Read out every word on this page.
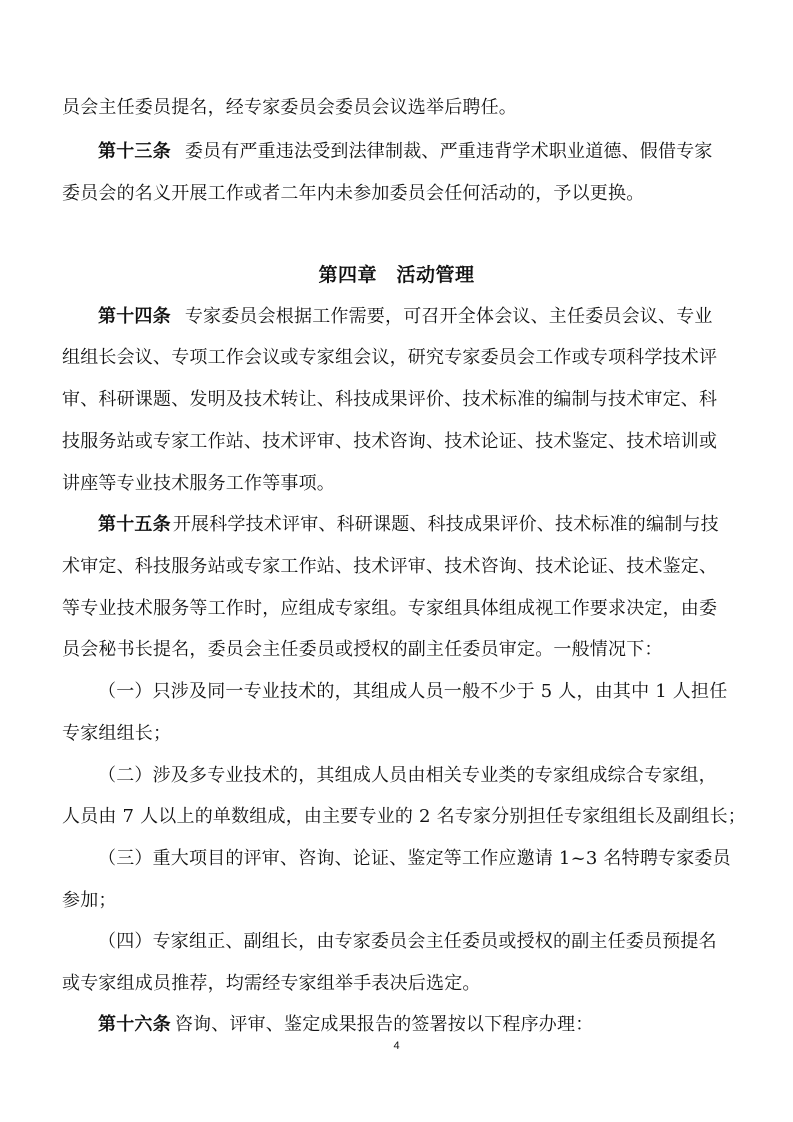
员会主任委员提名，经专家委员会委员会议选举后聘任。
第十三条 委员有严重违法受到法律制裁、严重违背学术职业道德、假借专家
委员会的名义开展工作或者二年内未参加委员会任何活动的，予以更换。
第四章　活动管理
第十四条 专家委员会根据工作需要，可召开全体会议、主任委员会议、专业
组组长会议、专项工作会议或专家组会议，研究专家委员会工作或专项科学技术评
审、科研课题、发明及技术转让、科技成果评价、技术标准的编制与技术审定、科
技服务站或专家工作站、技术评审、技术咨询、技术论证、技术鉴定、技术培训或
讲座等专业技术服务工作等事项。
第十五条 开展科学技术评审、科研课题、科技成果评价、技术标准的编制与技
术审定、科技服务站或专家工作站、技术评审、技术咨询、技术论证、技术鉴定、
等专业技术服务等工作时，应组成专家组。专家组具体组成视工作要求决定，由委
员会秘书长提名，委员会主任委员或授权的副主任委员审定。一般情况下：
（一）只涉及同一专业技术的，其组成人员一般不少于 5 人，由其中 1 人担任
专家组组长；
（二）涉及多专业技术的，其组成人员由相关专业类的专家组成综合专家组，
人员由 7 人以上的单数组成，由主要专业的 2 名专家分别担任专家组组长及副组长；
（三）重大项目的评审、咨询、论证、鉴定等工作应邀请 1~3 名特聘专家委员
参加；
（四）专家组正、副组长，由专家委员会主任委员或授权的副主任委员预提名
或专家组成员推荐，均需经专家组举手表决后选定。
第十六条 咨询、评审、鉴定成果报告的签署按以下程序办理：
4
